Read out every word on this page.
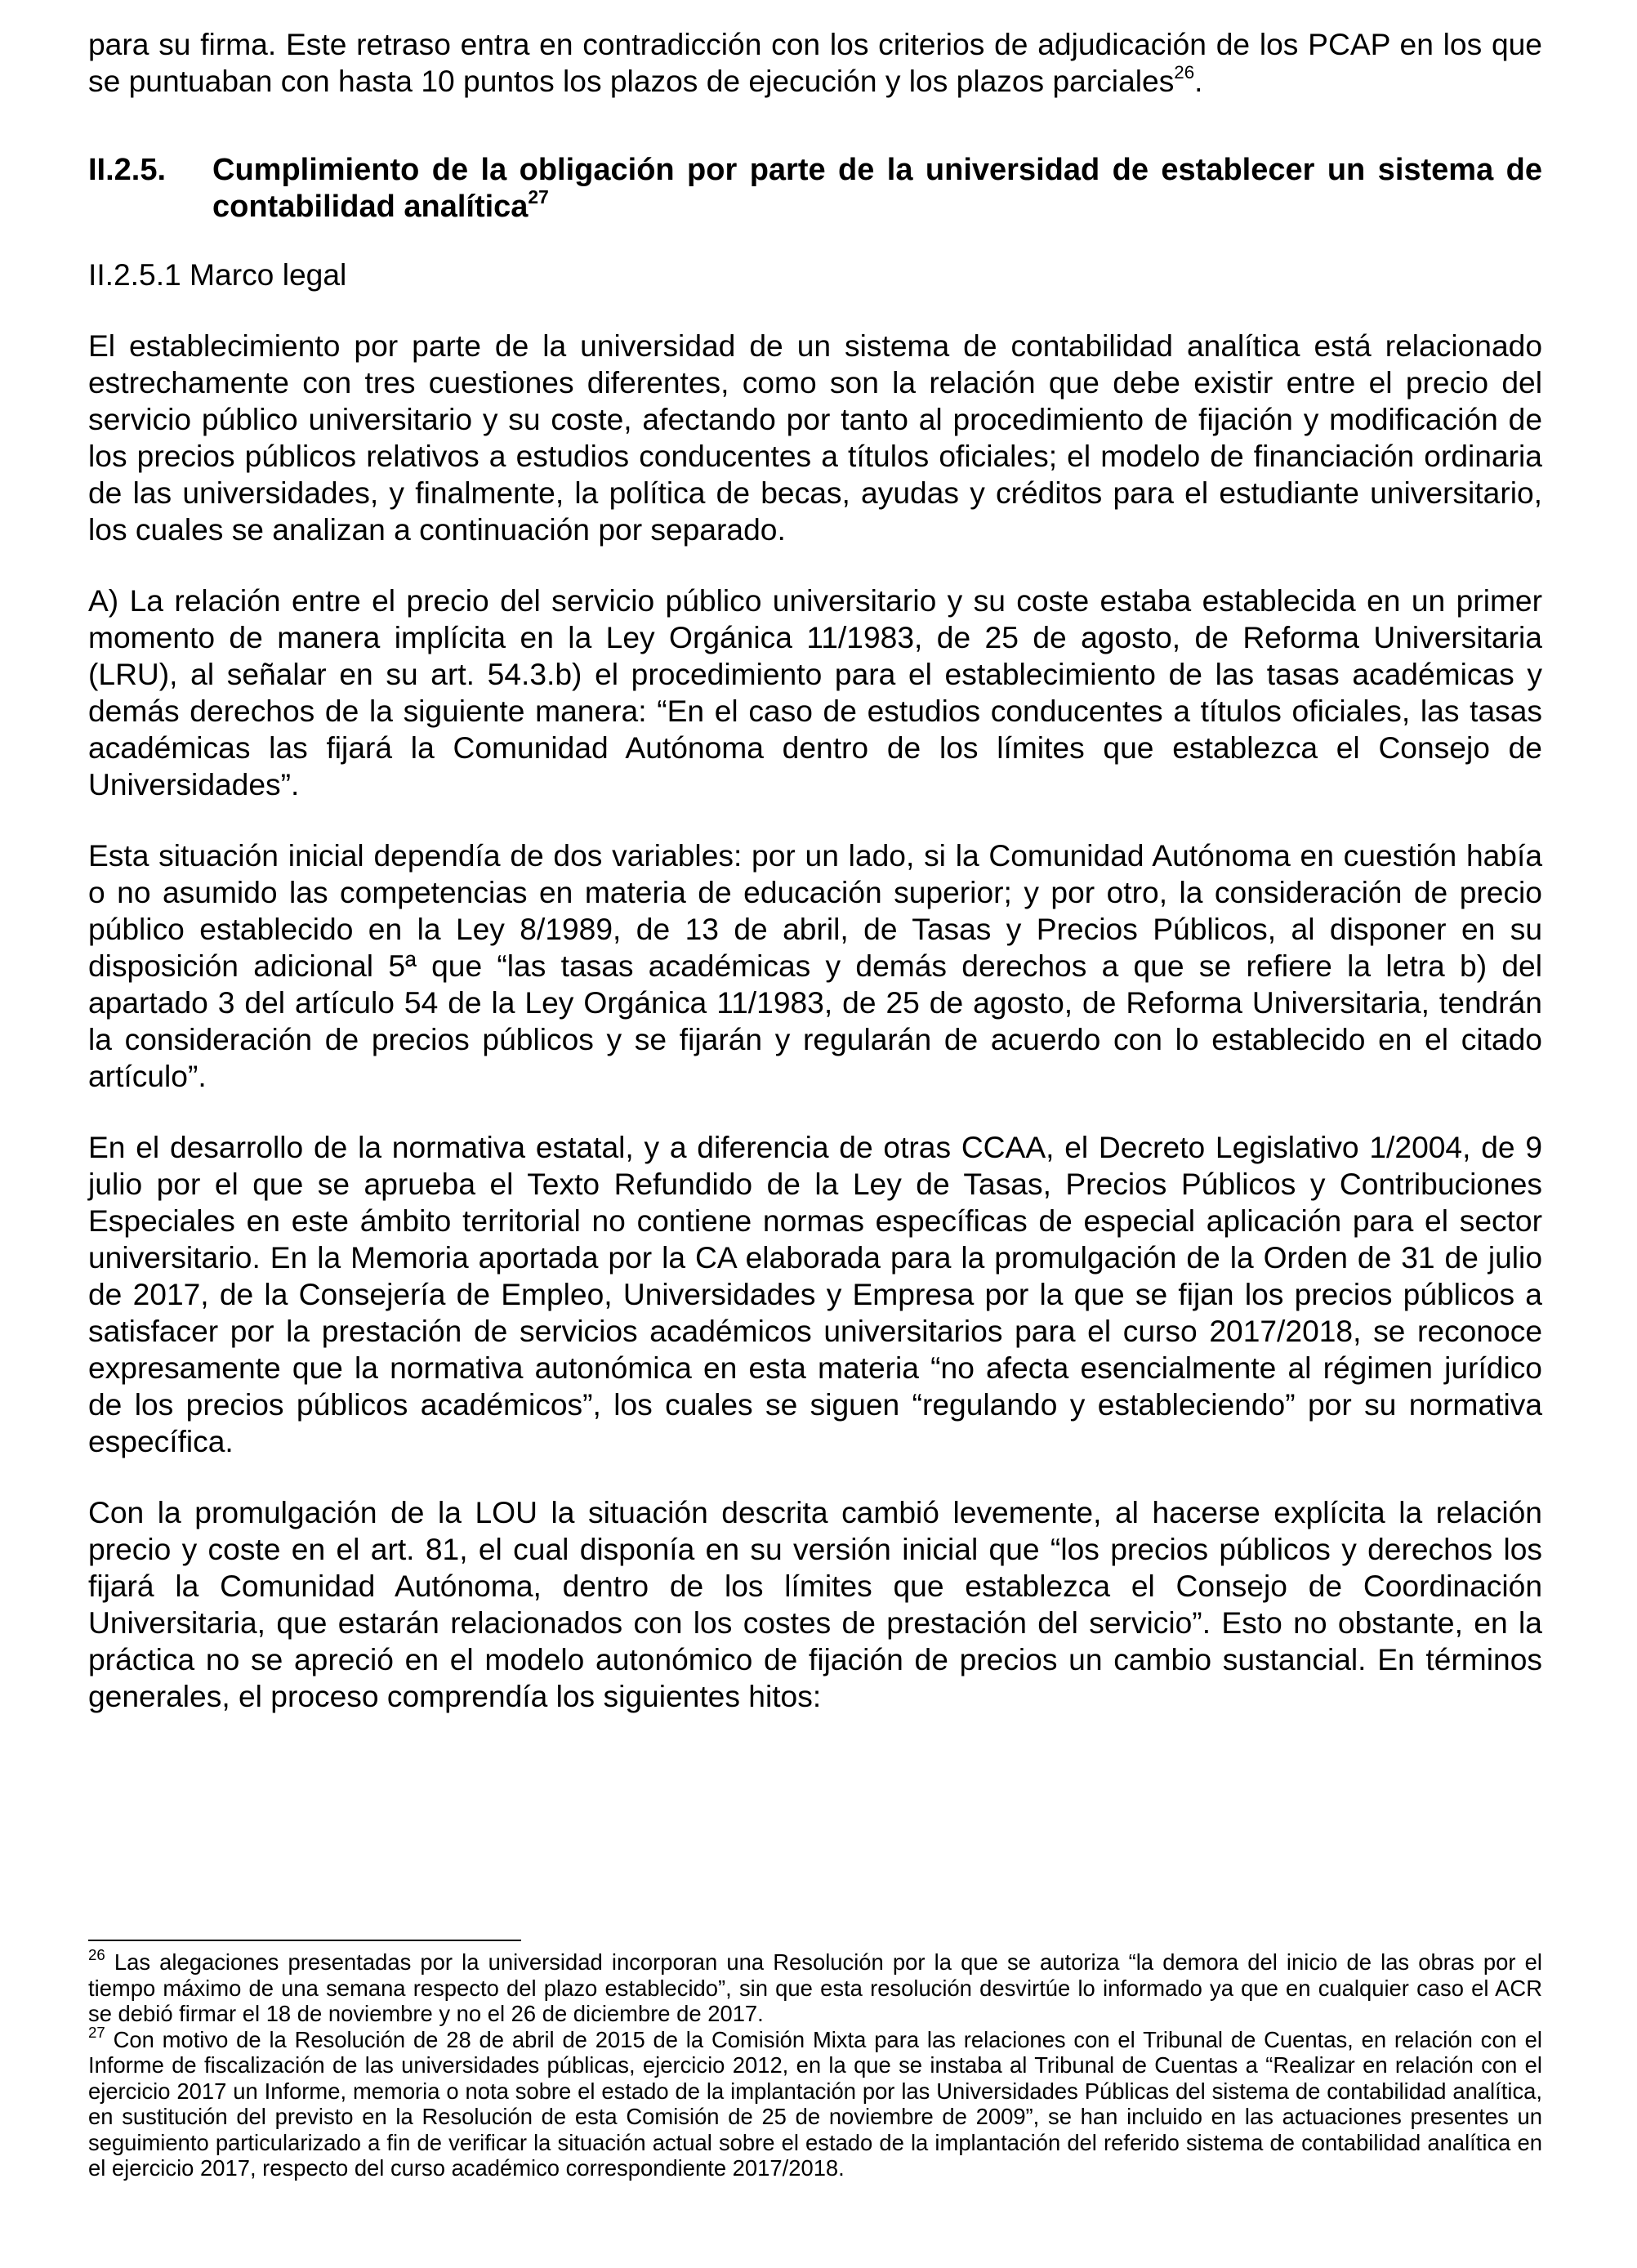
para su firma. Este retraso entra en contradicción con los criterios de adjudicación de los PCAP en los que se puntuaban con hasta 10 puntos los plazos de ejecución y los plazos parciales$^{26}$.

II.2.5.	Cumplimiento de la obligación por parte de la universidad de establecer un sistema de contabilidad analítica$^{27}$

II.2.5.1 Marco legal

El establecimiento por parte de la universidad de un sistema de contabilidad analítica está relacionado estrechamente con tres cuestiones diferentes, como son la relación que debe existir entre el precio del servicio público universitario y su coste, afectando por tanto al procedimiento de fijación y modificación de los precios públicos relativos a estudios conducentes a títulos oficiales; el modelo de financiación ordinaria de las universidades, y finalmente, la política de becas, ayudas y créditos para el estudiante universitario, los cuales se analizan a continuación por separado.

A) La relación entre el precio del servicio público universitario y su coste estaba establecida en un primer momento de manera implícita en la Ley Orgánica 11/1983, de 25 de agosto, de Reforma Universitaria (LRU), al señalar en su art. 54.3.b) el procedimiento para el establecimiento de las tasas académicas y demás derechos de la siguiente manera: “En el caso de estudios conducentes a títulos oficiales, las tasas académicas las fijará la Comunidad Autónoma dentro de los límites que establezca el Consejo de Universidades”.

Esta situación inicial dependía de dos variables: por un lado, si la Comunidad Autónoma en cuestión había o no asumido las competencias en materia de educación superior; y por otro, la consideración de precio público establecido en la Ley 8/1989, de 13 de abril, de Tasas y Precios Públicos, al disponer en su disposición adicional 5ª que “las tasas académicas y demás derechos a que se refiere la letra b) del apartado 3 del artículo 54 de la Ley Orgánica 11/1983, de 25 de agosto, de Reforma Universitaria, tendrán la consideración de precios públicos y se fijarán y regularán de acuerdo con lo establecido en el citado artículo”.

En el desarrollo de la normativa estatal, y a diferencia de otras CCAA, el Decreto Legislativo 1/2004, de 9 julio por el que se aprueba el Texto Refundido de la Ley de Tasas, Precios Públicos y Contribuciones Especiales en este ámbito territorial no contiene normas específicas de especial aplicación para el sector universitario. En la Memoria aportada por la CA elaborada para la promulgación de la Orden de 31 de julio de 2017, de la Consejería de Empleo, Universidades y Empresa por la que se fijan los precios públicos a satisfacer por la prestación de servicios académicos universitarios para el curso 2017/2018, se reconoce expresamente que la normativa autonómica en esta materia “no afecta esencialmente al régimen jurídico de los precios públicos académicos”, los cuales se siguen “regulando y estableciendo” por su normativa específica.

Con la promulgación de la LOU la situación descrita cambió levemente, al hacerse explícita la relación precio y coste en el art. 81, el cual disponía en su versión inicial que “los precios públicos y derechos los fijará la Comunidad Autónoma, dentro de los límites que establezca el Consejo de Coordinación Universitaria, que estarán relacionados con los costes de prestación del servicio”. Esto no obstante, en la práctica no se apreció en el modelo autonómico de fijación de precios un cambio sustancial. En términos generales, el proceso comprendía los siguientes hitos:

$^{26}$ Las alegaciones presentadas por la universidad incorporan una Resolución por la que se autoriza “la demora del inicio de las obras por el tiempo máximo de una semana respecto del plazo establecido”, sin que esta resolución desvirtúe lo informado ya que en cualquier caso el ACR se debió firmar el 18 de noviembre y no el 26 de diciembre de 2017.

$^{27}$ Con motivo de la Resolución de 28 de abril de 2015 de la Comisión Mixta para las relaciones con el Tribunal de Cuentas, en relación con el Informe de fiscalización de las universidades públicas, ejercicio 2012, en la que se instaba al Tribunal de Cuentas a “Realizar en relación con el ejercicio 2017 un Informe, memoria o nota sobre el estado de la implantación por las Universidades Públicas del sistema de contabilidad analítica, en sustitución del previsto en la Resolución de esta Comisión de 25 de noviembre de 2009”, se han incluido en las actuaciones presentes un seguimiento particularizado a fin de verificar la situación actual sobre el estado de la implantación del referido sistema de contabilidad analítica en el ejercicio 2017, respecto del curso académico correspondiente 2017/2018.
